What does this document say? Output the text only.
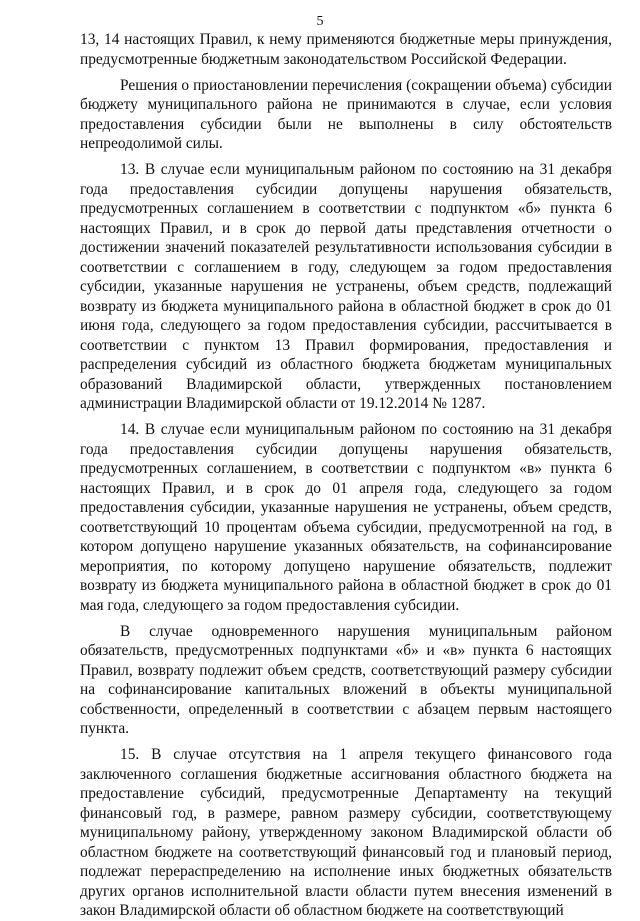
5

13, 14 настоящих Правил, к нему применяются бюджетные меры принуждения, предусмотренные бюджетным законодательством Российской Федерации.

Решения о приостановлении перечисления (сокращении объема) субсидии бюджету муниципального района не принимаются в случае, если условия предоставления субсидии были не выполнены в силу обстоятельств непреодолимой силы.

13. В случае если муниципальным районом по состоянию на 31 декабря года предоставления субсидии допущены нарушения обязательств, предусмотренных соглашением в соответствии с подпунктом «б» пункта 6 настоящих Правил, и в срок до первой даты представления отчетности о достижении значений показателей результативности использования субсидии в соответствии с соглашением в году, следующем за годом предоставления субсидии, указанные нарушения не устранены, объем средств, подлежащий возврату из бюджета муниципального района в областной бюджет в срок до 01 июня года, следующего за годом предоставления субсидии, рассчитывается в соответствии с пунктом 13 Правил формирования, предоставления и распределения субсидий из областного бюджета бюджетам муниципальных образований Владимирской области, утвержденных постановлением администрации Владимирской области от 19.12.2014 № 1287.

14. В случае если муниципальным районом по состоянию на 31 декабря года предоставления субсидии допущены нарушения обязательств, предусмотренных соглашением, в соответствии с подпунктом «в» пункта 6 настоящих Правил, и в срок до 01 апреля года, следующего за годом предоставления субсидии, указанные нарушения не устранены, объем средств, соответствующий 10 процентам объема субсидии, предусмотренной на год, в котором допущено нарушение указанных обязательств, на софинансирование мероприятия, по которому допущено нарушение обязательств, подлежит возврату из бюджета муниципального района в областной бюджет в срок до 01 мая года, следующего за годом предоставления субсидии.

В случае одновременного нарушения муниципальным районом обязательств, предусмотренных подпунктами «б» и «в» пункта 6 настоящих Правил, возврату подлежит объем средств, соответствующий размеру субсидии на софинансирование капитальных вложений в объекты муниципальной собственности, определенный в соответствии с абзацем первым настоящего пункта.

15. В случае отсутствия на 1 апреля текущего финансового года заключенного соглашения бюджетные ассигнования областного бюджета на предоставление субсидий, предусмотренные Департаменту на текущий финансовый год, в размере, равном размеру субсидии, соответствующему муниципальному району, утвержденному законом Владимирской области об областном бюджете на соответствующий финансовый год и плановый период, подлежат перераспределению на исполнение иных бюджетных обязательств других органов исполнительной власти области путем внесения изменений в закон Владимирской области об областном бюджете на соответствующий
